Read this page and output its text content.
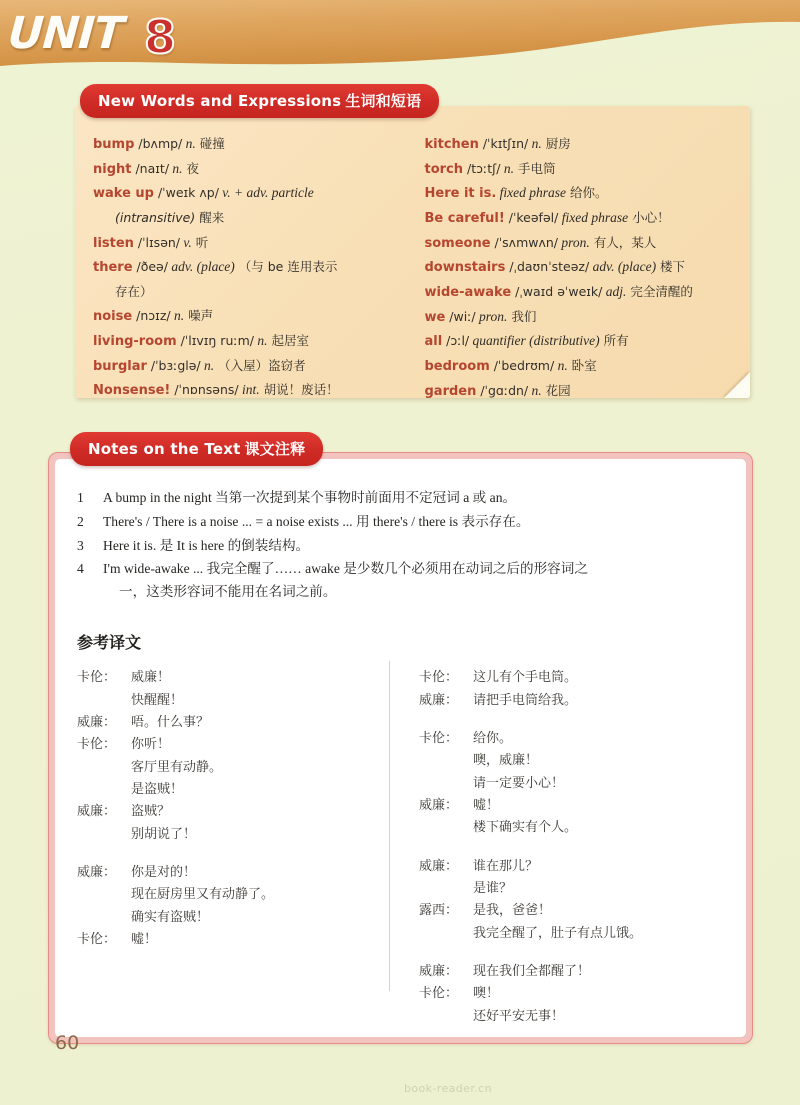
UNIT 8
New Words and Expressions 生词和短语
bump /bʌmp/ n. 碰撞
night /naɪt/ n. 夜
wake up /ˈweɪk ʌp/ v. + adv. particle
(intransitive) 醒来
listen /ˈlɪsən/ v. 听
there /ðeə/ adv. (place) （与 be 连用表示
存在）
noise /nɔɪz/ n. 噪声
living-room /ˈlɪvɪŋ ruːm/ n. 起居室
burglar /ˈbɜːglə/ n. （入屋）盗窃者
Nonsense! /ˈnɒnsəns/ int. 胡说！废话！
kitchen /ˈkɪtʃɪn/ n. 厨房
torch /tɔːtʃ/ n. 手电筒
Here it is. fixed phrase 给你。
Be careful! /ˈkeəfəl/ fixed phrase 小心！
someone /ˈsʌmwʌn/ pron. 有人，某人
downstairs /ˌdaʊnˈsteəz/ adv. (place) 楼下
wide-awake /ˌwaɪd əˈweɪk/ adj. 完全清醒的
we /wiː/ pron. 我们
all /ɔːl/ quantifier (distributive) 所有
bedroom /ˈbedrʊm/ n. 卧室
garden /ˈgɑːdn/ n. 花园
Notes on the Text 课文注释
1	A bump in the night 当第一次提到某个事物时前面用不定冠词 a 或 an。
2	There's / There is a noise ... = a noise exists ... 用 there's / there is 表示存在。
3	Here it is. 是 It is here 的倒装结构。
4	I'm wide-awake ... 我完全醒了…… awake 是少数几个必须用在动词之后的形容词之
一，这类形容词不能用在名词之前。
参考译文
卡伦：	威廉！
快醒醒！
威廉：	唔。什么事？
卡伦：	你听！
客厅里有动静。
是盗贼！
威廉：	盗贼？
别胡说了！
威廉：	你是对的！
现在厨房里又有动静了。
确实有盗贼！
卡伦：	嘘！
卡伦：	这儿有个手电筒。
威廉：	请把手电筒给我。
卡伦：	给你。
噢，威廉！
请一定要小心！
威廉：	嘘！
楼下确实有个人。
威廉：	谁在那儿？
是谁？
露西：	是我，爸爸！
我完全醒了，肚子有点儿饿。
威廉：	现在我们全都醒了！
卡伦：	噢！
还好平安无事！
60
book-reader.cn
